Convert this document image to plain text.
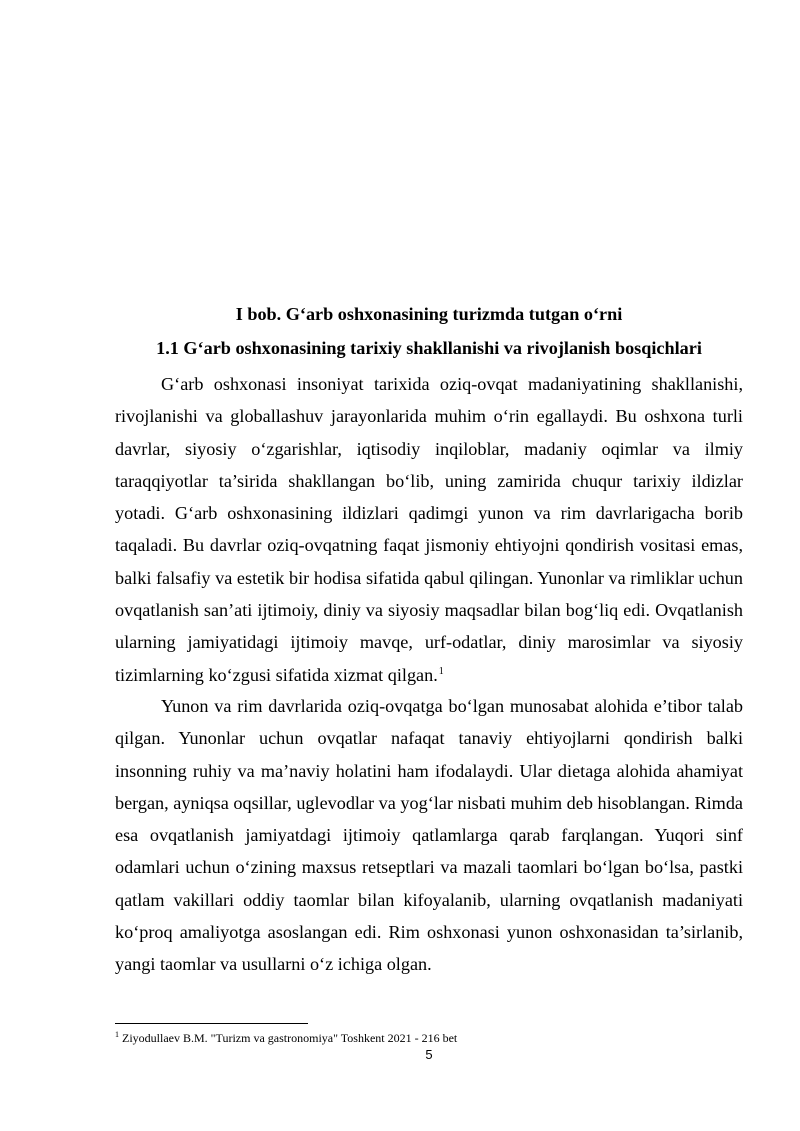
I bob. G‘arb oshxonasining turizmda tutgan o‘rni
1.1 G‘arb oshxonasining tarixiy shakllanishi va rivojlanish bosqichlari

G‘arb oshxonasi insoniyat tarixida oziq-ovqat madaniyatining shakllanishi, rivojlanishi va globallashuv jarayonlarida muhim o‘rin egallaydi. Bu oshxona turli davrlar, siyosiy o‘zgarishlar, iqtisodiy inqiloblar, madaniy oqimlar va ilmiy taraqqiyotlar ta’sirida shakllangan bo‘lib, uning zamirida chuqur tarixiy ildizlar yotadi. G‘arb oshxonasining ildizlari qadimgi yunon va rim davrlarigacha borib taqaladi. Bu davrlar oziq-ovqatning faqat jismoniy ehtiyojni qondirish vositasi emas, balki falsafiy va estetik bir hodisa sifatida qabul qilingan. Yunonlar va rimliklar uchun ovqatlanish san’ati ijtimoiy, diniy va siyosiy maqsadlar bilan bog‘liq edi. Ovqatlanish ularning jamiyatidagi ijtimoiy mavqe, urf-odatlar, diniy marosimlar va siyosiy tizimlarning ko‘zgusi sifatida xizmat qilgan.$^1$

Yunon va rim davrlarida oziq-ovqatga bo‘lgan munosabat alohida e’tibor talab qilgan. Yunonlar uchun ovqatlar nafaqat tanaviy ehtiyojlarni qondirish balki insonning ruhiy va ma’naviy holatini ham ifodalaydi. Ular dietaga alohida ahamiyat bergan, ayniqsa oqsillar, uglevodlar va yog‘lar nisbati muhim deb hisoblangan. Rimda esa ovqatlanish jamiyatdagi ijtimoiy qatlamlarga qarab farqlangan. Yuqori sinf odamlari uchun o‘zining maxsus retseptlari va mazali taomlari bo‘lgan bo‘lsa, pastki qatlam vakillari oddiy taomlar bilan kifoyalanib, ularning ovqatlanish madaniyati ko‘proq amaliyotga asoslangan edi. Rim oshxonasi yunon oshxonasidan ta’sirlanib, yangi taomlar va usullarni o‘z ichiga olgan.

$^1$ Ziyodullaev B.M. "Turizm va gastronomiya" Toshkent 2021 - 216 bet

5
